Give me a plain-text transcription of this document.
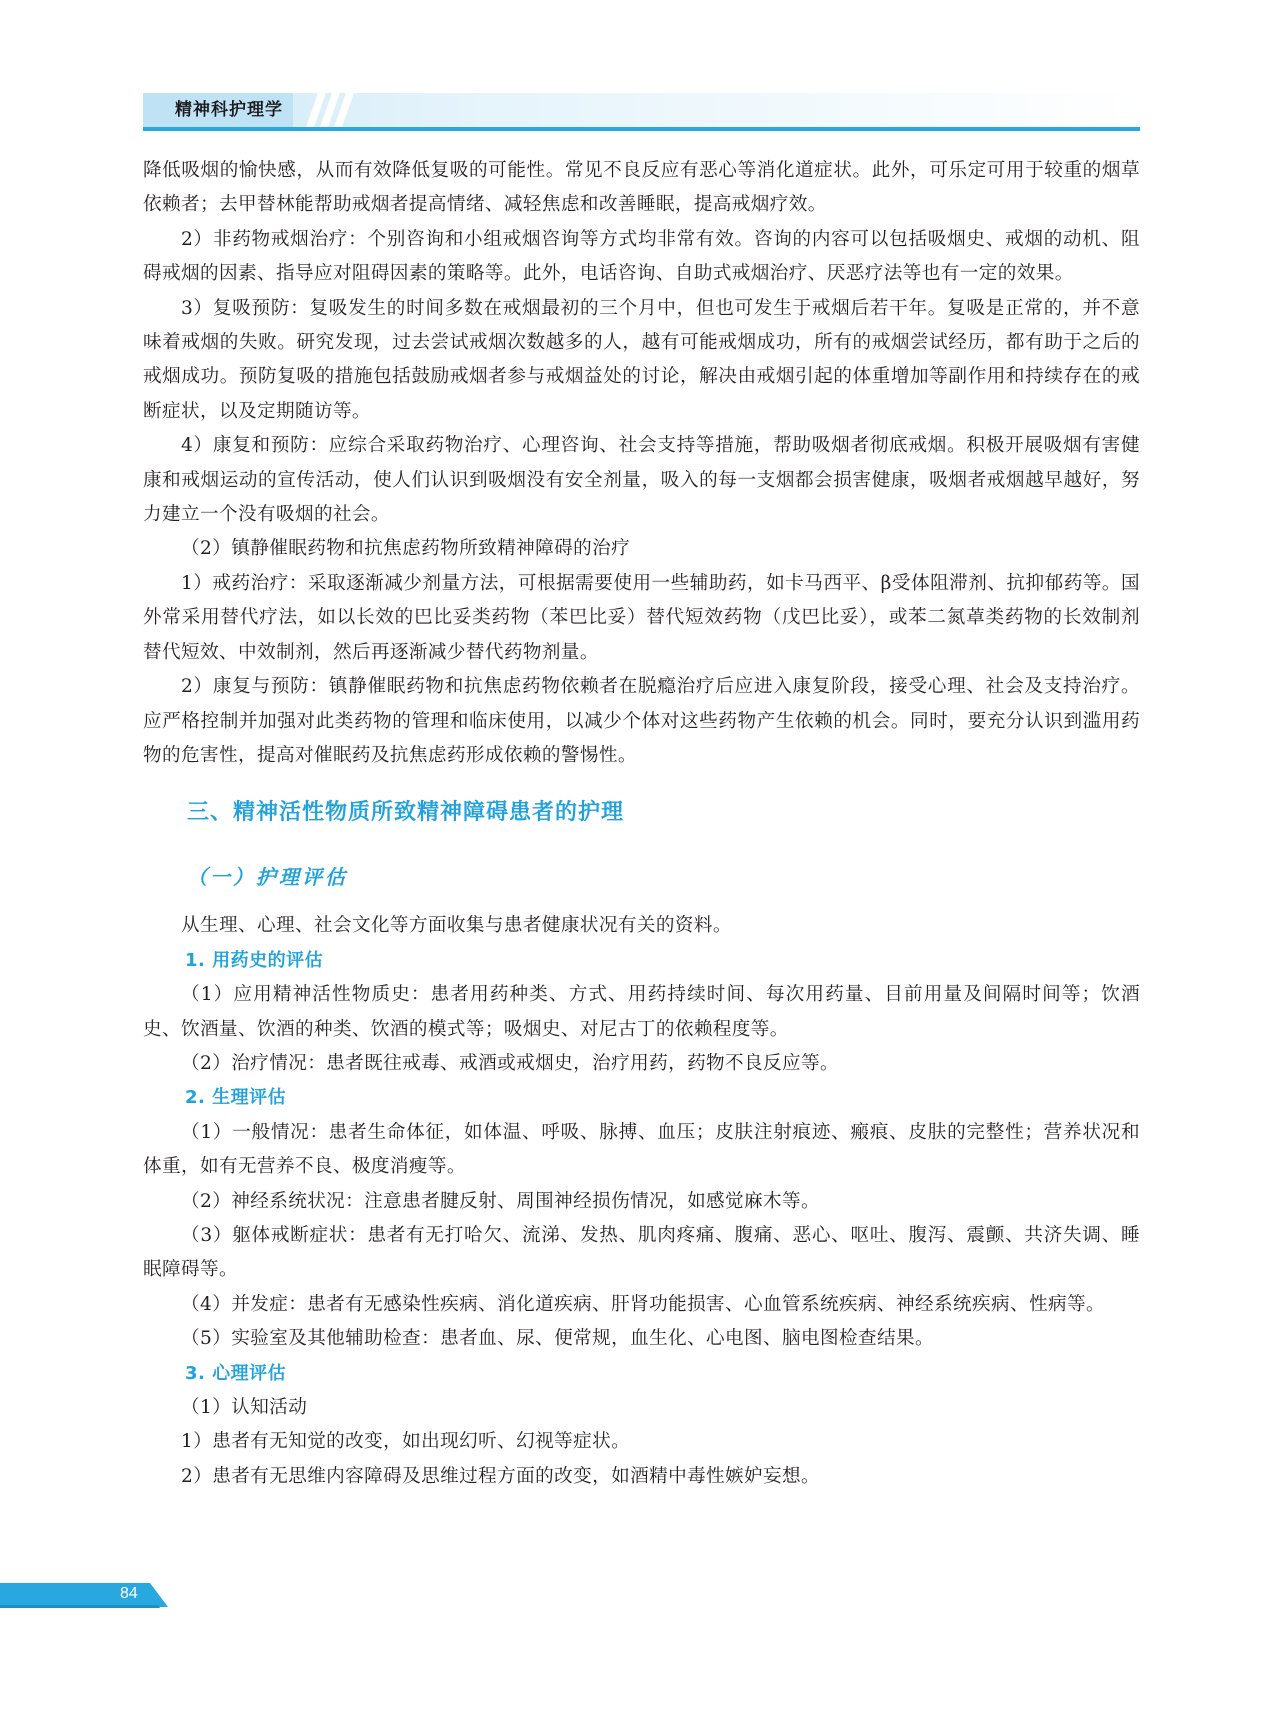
精神科护理学

降低吸烟的愉快感，从而有效降低复吸的可能性。常见不良反应有恶心等消化道症状。此外，可乐定可用于较重的烟草依赖者；去甲替林能帮助戒烟者提高情绪、减轻焦虑和改善睡眠，提高戒烟疗效。

2）非药物戒烟治疗：个别咨询和小组戒烟咨询等方式均非常有效。咨询的内容可以包括吸烟史、戒烟的动机、阻碍戒烟的因素、指导应对阻碍因素的策略等。此外，电话咨询、自助式戒烟治疗、厌恶疗法等也有一定的效果。

3）复吸预防：复吸发生的时间多数在戒烟最初的三个月中，但也可发生于戒烟后若干年。复吸是正常的，并不意味着戒烟的失败。研究发现，过去尝试戒烟次数越多的人，越有可能戒烟成功，所有的戒烟尝试经历，都有助于之后的戒烟成功。预防复吸的措施包括鼓励戒烟者参与戒烟益处的讨论，解决由戒烟引起的体重增加等副作用和持续存在的戒断症状，以及定期随访等。

4）康复和预防：应综合采取药物治疗、心理咨询、社会支持等措施，帮助吸烟者彻底戒烟。积极开展吸烟有害健康和戒烟运动的宣传活动，使人们认识到吸烟没有安全剂量，吸入的每一支烟都会损害健康，吸烟者戒烟越早越好，努力建立一个没有吸烟的社会。

（2）镇静催眠药物和抗焦虑药物所致精神障碍的治疗

1）戒药治疗：采取逐渐减少剂量方法，可根据需要使用一些辅助药，如卡马西平、β受体阻滞剂、抗抑郁药等。国外常采用替代疗法，如以长效的巴比妥类药物（苯巴比妥）替代短效药物（戊巴比妥），或苯二氮䓬类药物的长效制剂替代短效、中效制剂，然后再逐渐减少替代药物剂量。

2）康复与预防：镇静催眠药物和抗焦虑药物依赖者在脱瘾治疗后应进入康复阶段，接受心理、社会及支持治疗。应严格控制并加强对此类药物的管理和临床使用，以减少个体对这些药物产生依赖的机会。同时，要充分认识到滥用药物的危害性，提高对催眠药及抗焦虑药形成依赖的警惕性。

三、精神活性物质所致精神障碍患者的护理
（一）护理评估

从生理、心理、社会文化等方面收集与患者健康状况有关的资料。

1. 用药史的评估

（1）应用精神活性物质史：患者用药种类、方式、用药持续时间、每次用药量、目前用量及间隔时间等；饮酒史、饮酒量、饮酒的种类、饮酒的模式等；吸烟史、对尼古丁的依赖程度等。

（2）治疗情况：患者既往戒毒、戒酒或戒烟史，治疗用药，药物不良反应等。

2. 生理评估

（1）一般情况：患者生命体征，如体温、呼吸、脉搏、血压；皮肤注射痕迹、瘢痕、皮肤的完整性；营养状况和体重，如有无营养不良、极度消瘦等。

（2）神经系统状况：注意患者腱反射、周围神经损伤情况，如感觉麻木等。

（3）躯体戒断症状：患者有无打哈欠、流涕、发热、肌肉疼痛、腹痛、恶心、呕吐、腹泻、震颤、共济失调、睡眠障碍等。

（4）并发症：患者有无感染性疾病、消化道疾病、肝肾功能损害、心血管系统疾病、神经系统疾病、性病等。

（5）实验室及其他辅助检查：患者血、尿、便常规，血生化、心电图、脑电图检查结果。

3. 心理评估

（1）认知活动

1）患者有无知觉的改变，如出现幻听、幻视等症状。

2）患者有无思维内容障碍及思维过程方面的改变，如酒精中毒性嫉妒妄想。

84
